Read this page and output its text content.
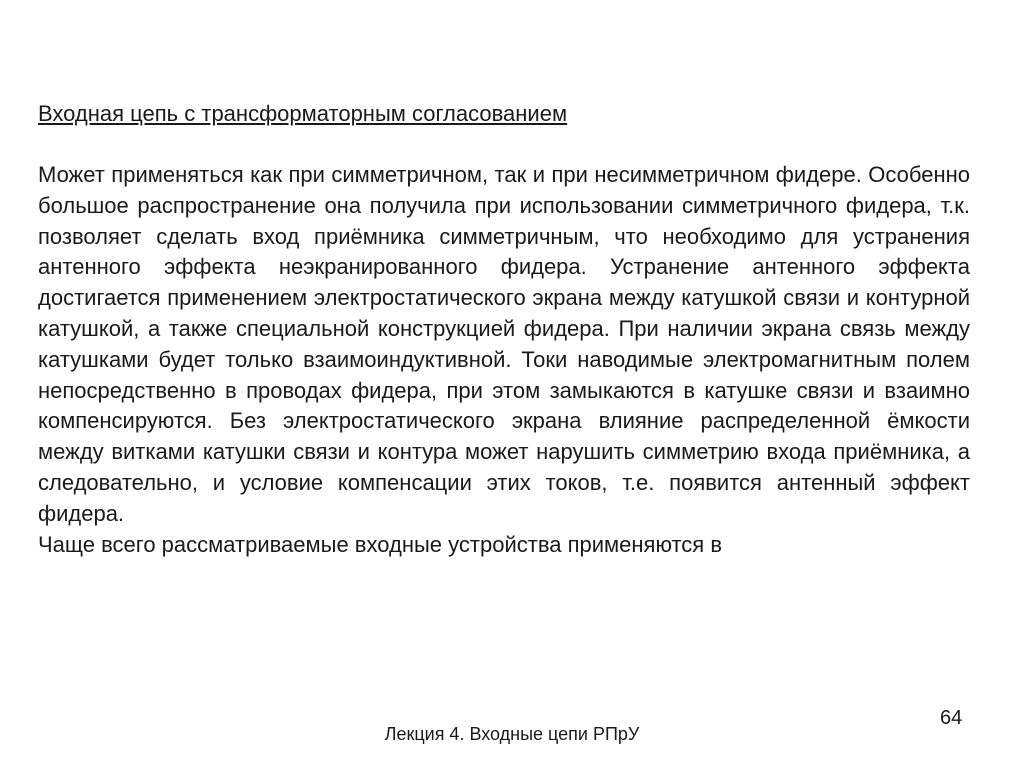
Входная цепь с трансформаторным согласованием

Может применяться как при симметричном, так и при несимметричном фидере. Особенно большое распространение она получила при использовании симметричного фидера, т.к. позволяет сделать вход приёмника симметричным, что необходимо для устранения антенного эффекта неэкранированного фидера. Устранение антенного эффекта достигается применением электростатического экрана между катушкой связи и контурной катушкой, а также специальной конструкцией фидера. При наличии экрана связь между катушками будет только взаимоиндуктивной. Токи наводимые электромагнитным полем непосредственно в проводах фидера, при этом замыкаются в катушке связи и взаимно компенсируются. Без электростатического экрана влияние распределенной ёмкости между витками катушки связи и контура может нарушить симметрию входа приёмника, а следовательно, и условие компенсации этих токов, т.е. появится антенный эффект фидера.

Чаще всего рассматриваемые входные устройства применяются в

64
Лекция 4. Входные цепи РПрУ
